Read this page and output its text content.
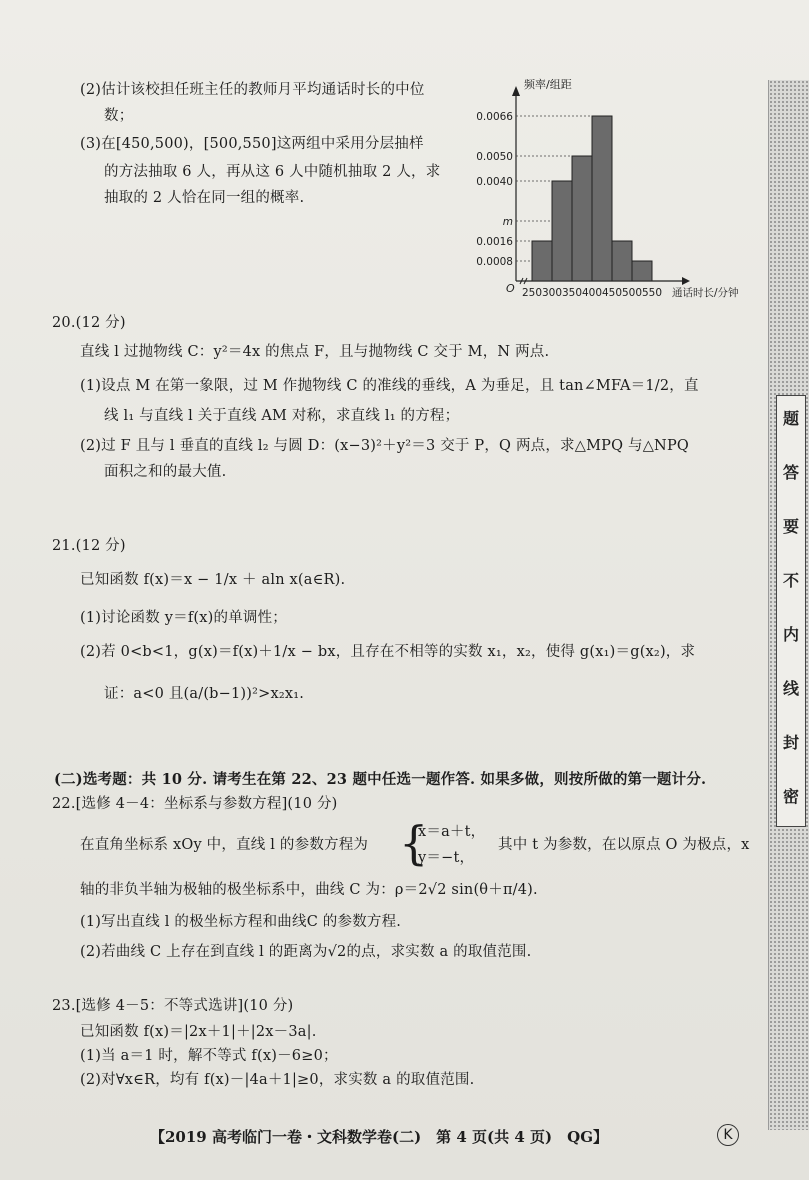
(2)估计该校担任班主任的教师月平均通话时长的中位
数；
(3)在[450,500)，[500,550]这两组中采用分层抽样
的方法抽取 6 人，再从这 6 人中随机抽取 2 人，求
抽取的 2 人恰在同一组的概率.
频率/组距
通话时长/分钟
O
0.0066
0.0050
0.0040
m
0.0016
0.0008
250 300 350 400 450 500 550
20.(12 分)
直线 l 过抛物线 C：y²＝4x 的焦点 F，且与抛物线 C 交于 M，N 两点.
(1)设点 M 在第一象限，过 M 作抛物线 C 的准线的垂线，A 为垂足，且 tan∠MFA＝1/2，直
线 l₁ 与直线 l 关于直线 AM 对称，求直线 l₁ 的方程；
(2)过 F 且与 l 垂直的直线 l₂ 与圆 D：(x−3)²＋y²＝3 交于 P，Q 两点，求△MPQ 与△NPQ
面积之和的最大值.
21.(12 分)
已知函数 f(x)＝x − 1/x ＋ aln x(a∈R).
(1)讨论函数 y＝f(x)的单调性；
(2)若 0<b<1，g(x)＝f(x)＋1/x − bx，且存在不相等的实数 x₁，x₂，使得 g(x₁)＝g(x₂)，求
证：a<0 且(a/(b−1))²>x₂x₁.
(二)选考题：共 10 分. 请考生在第 22、23 题中任选一题作答. 如果多做，则按所做的第一题计分.
22.[选修 4－4：坐标系与参数方程](10 分)
在直角坐标系 xOy 中，直线 l 的参数方程为 {
x＝a＋t，
y＝−t，
其中 t 为参数，在以原点 O 为极点，x
轴的非负半轴为极轴的极坐标系中，曲线 C 为：ρ＝2√2 sin(θ＋π/4).
(1)写出直线 l 的极坐标方程和曲线C 的参数方程.
(2)若曲线 C 上存在到直线 l 的距离为√2的点，求实数 a 的取值范围.
23.[选修 4－5：不等式选讲](10 分)
已知函数 f(x)＝|2x＋1|＋|2x－3a|.
(1)当 a＝1 时，解不等式 f(x)－6≥0；
(2)对∀x∈R，均有 f(x)－|4a＋1|≥0，求实数 a 的取值范围.
【2019 高考临门一卷・文科数学卷(二)　第 4 页(共 4 页)　QG】	K
题
答
要
不
内
线
封
密
